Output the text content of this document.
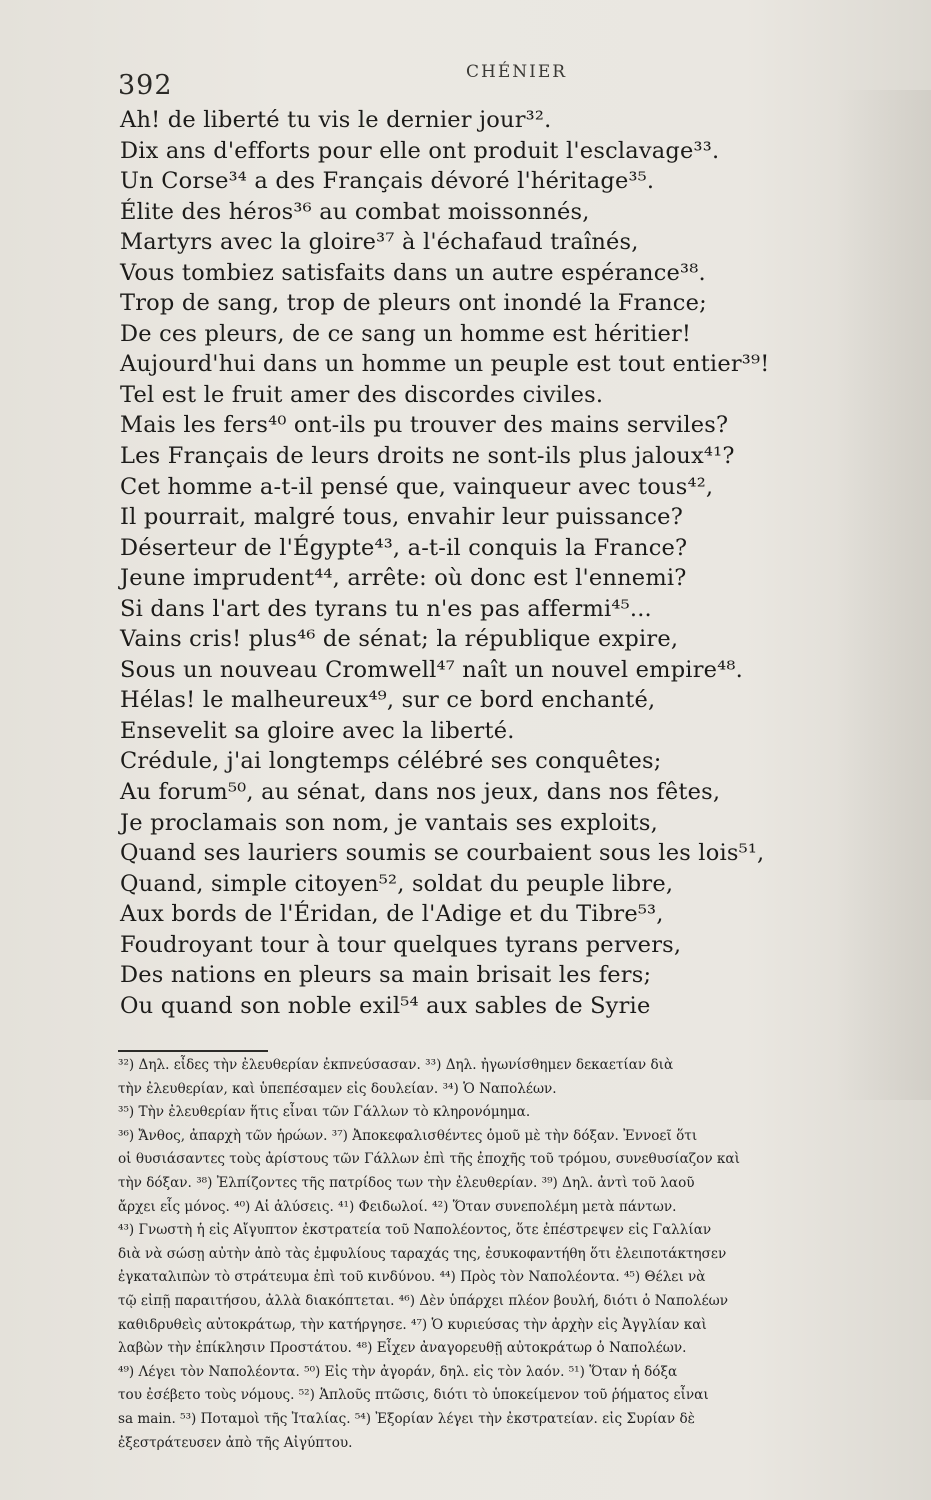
392	CHÉNIER
Ah! de liberté tu vis le dernier jour³².
Dix ans d'efforts pour elle ont produit l'esclavage³³.
Un Corse³⁴ a des Français dévoré l'héritage³⁵.
Élite des héros³⁶ au combat moissonnés,
Martyrs avec la gloire³⁷ à l'échafaud traînés,
Vous tombiez satisfaits dans un autre espérance³⁸.
Trop de sang, trop de pleurs ont inondé la France;
De ces pleurs, de ce sang un homme est héritier!
Aujourd'hui dans un homme un peuple est tout entier³⁹!
Tel est le fruit amer des discordes civiles.
Mais les fers⁴⁰ ont-ils pu trouver des mains serviles?
Les Français de leurs droits ne sont-ils plus jaloux⁴¹?
Cet homme a-t-il pensé que, vainqueur avec tous⁴²,
Il pourrait, malgré tous, envahir leur puissance?
Déserteur de l'Égypte⁴³, a-t-il conquis la France?
Jeune imprudent⁴⁴, arrête: où donc est l'ennemi?
Si dans l'art des tyrans tu n'es pas affermi⁴⁵...
Vains cris! plus⁴⁶ de sénat; la république expire,
Sous un nouveau Cromwell⁴⁷ naît un nouvel empire⁴⁸.
Hélas! le malheureux⁴⁹, sur ce bord enchanté,
Ensevelit sa gloire avec la liberté.
Crédule, j'ai longtemps célébré ses conquêtes;
Au forum⁵⁰, au sénat, dans nos jeux, dans nos fêtes,
Je proclamais son nom, je vantais ses exploits,
Quand ses lauriers soumis se courbaient sous les lois⁵¹,
Quand, simple citoyen⁵², soldat du peuple libre,
Aux bords de l'Éridan, de l'Adige et du Tibre⁵³,
Foudroyant tour à tour quelques tyrans pervers,
Des nations en pleurs sa main brisait les fers;
Ou quand son noble exil⁵⁴ aux sables de Syrie
³²) Δηλ. εἶδες τὴν ἐλευθερίαν ἐκπνεύσασαν. ³³) Δηλ. ἠγωνίσθημεν δεκαετίαν διὰ
τὴν ἐλευθερίαν, καὶ ὑπεπέσαμεν εἰς δουλείαν. ³⁴) Ὁ Ναπολέων.
³⁵) Τὴν ἐλευθερίαν ἥτις εἶναι τῶν Γάλλων τὸ κληρονόμημα.
³⁶) Ἄνθος, ἀπαρχὴ τῶν ἡρώων. ³⁷) Ἀποκεφαλισθέντες ὁμοῦ μὲ τὴν δόξαν. Ἐννοεῖ ὅτι
οἱ θυσιάσαντες τοὺς ἀρίστους τῶν Γάλλων ἐπὶ τῆς ἐποχῆς τοῦ τρόμου, συνεθυσίαζον καὶ
τὴν δόξαν. ³⁸) Ἐλπίζοντες τῆς πατρίδος των τὴν ἐλευθερίαν. ³⁹) Δηλ. ἀντὶ τοῦ λαοῦ
ἄρχει εἷς μόνος. ⁴⁰) Αἱ ἁλύσεις. ⁴¹) Φειδωλοί. ⁴²) Ὅταν συνεπολέμη μετὰ πάντων.
⁴³) Γνωστὴ ἡ εἰς Αἴγυπτον ἐκστρατεία τοῦ Ναπολέοντος, ὅτε ἐπέστρεψεν εἰς Γαλλίαν
διὰ νὰ σώσῃ αὐτὴν ἀπὸ τὰς ἐμφυλίους ταραχάς της, ἐσυκοφαντήθη ὅτι ἐλειποτάκτησεν
ἐγκαταλιπὼν τὸ στράτευμα ἐπὶ τοῦ κινδύνου. ⁴⁴) Πρὸς τὸν Ναπολέοντα. ⁴⁵) Θέλει νὰ
τῷ εἰπῇ παραιτήσου, ἀλλὰ διακόπτεται. ⁴⁶) Δὲν ὑπάρχει πλέον βουλή, διότι ὁ Ναπολέων
καθιδρυθεὶς αὐτοκράτωρ, τὴν κατήργησε. ⁴⁷) Ὁ κυριεύσας τὴν ἀρχὴν εἰς Ἀγγλίαν καὶ
λαβὼν τὴν ἐπίκλησιν Προστάτου. ⁴⁸) Εἶχεν ἀναγορευθῇ αὐτοκράτωρ ὁ Ναπολέων.
⁴⁹) Λέγει τὸν Ναπολέοντα. ⁵⁰) Εἰς τὴν ἀγοράν, δηλ. εἰς τὸν λαόν. ⁵¹) Ὅταν ἡ δόξα
του ἐσέβετο τοὺς νόμους. ⁵²) Ἁπλοῦς πτῶσις, διότι τὸ ὑποκείμενον τοῦ ῥήματος εἶναι
sa main. ⁵³) Ποταμοὶ τῆς Ἰταλίας. ⁵⁴) Ἐξορίαν λέγει τὴν ἐκστρατείαν. εἰς Συρίαν δὲ
ἐξεστράτευσεν ἀπὸ τῆς Αἰγύπτου.
